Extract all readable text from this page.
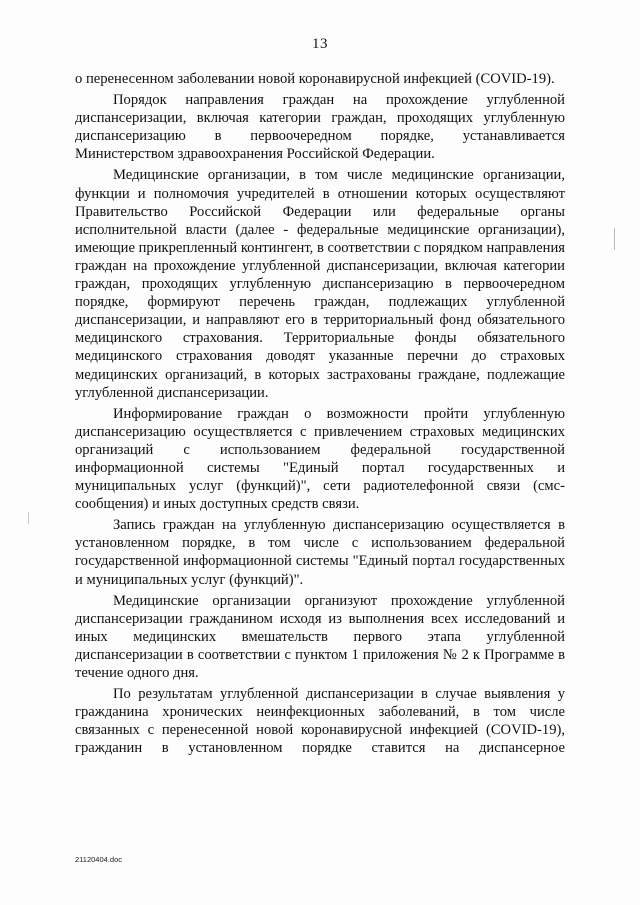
13

о перенесенном заболевании новой коронавирусной инфекцией (COVID-19).

Порядок направления граждан на прохождение углубленной диспансеризации, включая категории граждан, проходящих углубленную диспансеризацию в первоочередном порядке, устанавливается Министерством здравоохранения Российской Федерации.

Медицинские организации, в том числе медицинские организации, функции и полномочия учредителей в отношении которых осуществляют Правительство Российской Федерации или федеральные органы исполнительной власти (далее - федеральные медицинские организации), имеющие прикрепленный контингент, в соответствии с порядком направления граждан на прохождение углубленной диспансеризации, включая категории граждан, проходящих углубленную диспансеризацию в первоочередном порядке, формируют перечень граждан, подлежащих углубленной диспансеризации, и направляют его в территориальный фонд обязательного медицинского страхования. Территориальные фонды обязательного медицинского страхования доводят указанные перечни до страховых медицинских организаций, в которых застрахованы граждане, подлежащие углубленной диспансеризации.

Информирование граждан о возможности пройти углубленную диспансеризацию осуществляется с привлечением страховых медицинских организаций с использованием федеральной государственной информационной системы "Единый портал государственных и муниципальных услуг (функций)", сети радиотелефонной связи (смс-сообщения) и иных доступных средств связи.

Запись граждан на углубленную диспансеризацию осуществляется в установленном порядке, в том числе с использованием федеральной государственной информационной системы "Единый портал государственных и муниципальных услуг (функций)".

Медицинские организации организуют прохождение углубленной диспансеризации гражданином исходя из выполнения всех исследований и иных медицинских вмешательств первого этапа углубленной диспансеризации в соответствии с пунктом 1 приложения № 2 к Программе в течение одного дня.

По результатам углубленной диспансеризации в случае выявления у гражданина хронических неинфекционных заболеваний, в том числе связанных с перенесенной новой коронавирусной инфекцией (COVID-19), гражданин в установленном порядке ставится на диспансерное

21120404.doc
